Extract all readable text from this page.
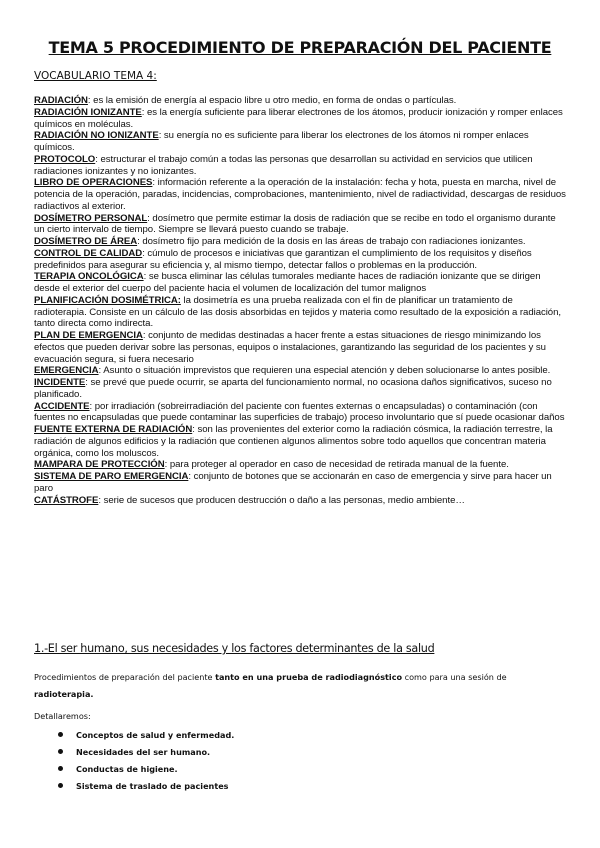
TEMA 5 PROCEDIMIENTO DE PREPARACIÓN DEL PACIENTE
VOCABULARIO TEMA 4:

RADIACIÓN: es la emisión de energía al espacio libre u otro medio, en forma de ondas o partículas.

RADIACIÓN IONIZANTE: es la energía suficiente para liberar electrones de los átomos, producir ionización y romper enlaces químicos en moléculas.

RADIACIÓN NO IONIZANTE: su energía no es suficiente para liberar los electrones de los átomos ni romper enlaces químicos.

PROTOCOLO: estructurar el trabajo común a todas las personas que desarrollan su actividad en servicios que utilicen radiaciones ionizantes y no ionizantes.

LIBRO DE OPERACIONES: información referente a la operación de la instalación: fecha y hota, puesta en marcha, nivel de potencia de la operación, paradas, incidencias, comprobaciones, mantenimiento, nivel de radiactividad, descargas de residuos radiactivos al exterior.

DOSÍMETRO PERSONAL: dosímetro que permite estimar la dosis de radiación que se recibe en todo el organismo durante un cierto intervalo de tiempo. Siempre se llevará puesto cuando se trabaje.

DOSÍMETRO DE ÁREA: dosímetro fijo para medición de la dosis en las áreas de trabajo con radiaciones ionizantes.

CONTROL DE CALIDAD: cúmulo de procesos e iniciativas que garantizan el cumplimiento de los requisitos y diseños predefinidos para asegurar su eficiencia y, al mismo tiempo, detectar fallos o problemas en la producción.

TERAPIA ONCOLÓGICA: se busca eliminar las células tumorales mediante haces de radiación ionizante que se dirigen desde el exterior del cuerpo del paciente hacia el volumen de localización del tumor malignos

PLANIFICACIÓN DOSIMÉTRICA: la dosimetría es una prueba realizada con el fin de planificar un tratamiento de radioterapia. Consiste en un cálculo de las dosis absorbidas en tejidos y materia como resultado de la exposición a radiación, tanto directa como indirecta.

PLAN DE EMERGENCIA: conjunto de medidas destinadas a hacer frente a estas situaciones de riesgo minimizando los efectos que pueden derivar sobre las personas, equipos o instalaciones, garantizando las seguridad de los pacientes y su evacuación segura, si fuera necesario

EMERGENCIA: Asunto o situación imprevistos que requieren una especial atención y deben solucionarse lo antes posible.

INCIDENTE: se prevé que puede ocurrir, se aparta del funcionamiento normal, no ocasiona daños significativos, suceso no planificado.

ACCIDENTE: por irradiación (sobreirradiación del paciente con fuentes externas o encapsuladas) o contaminación (con fuentes no encapsuladas que puede contaminar las superficies de trabajo) proceso involuntario que sí puede ocasionar daños

FUENTE EXTERNA DE RADIACIÓN: son las provenientes del exterior como la radiación cósmica, la radiación terrestre, la radiación de algunos edificios y la radiación que contienen algunos alimentos sobre todo aquellos que concentran materia orgánica, como los moluscos.

MAMPARA DE PROTECCIÓN: para proteger al operador en caso de necesidad de retirada manual de la fuente.

SISTEMA DE PARO EMERGENCIA: conjunto de botones que se accionarán en caso de emergencia y sirve para hacer un paro

CATÁSTROFE: serie de sucesos que producen destrucción o daño a las personas, medio ambiente…

1.-El ser humano, sus necesidades y los factores determinantes de la salud
Procedimientos de preparación del paciente tanto en una prueba de radiodiagnóstico como para una sesión de radioterapia.
Detallaremos:
Conceptos de salud y enfermedad.
Necesidades del ser humano.
Conductas de higiene.
Sistema de traslado de pacientes
